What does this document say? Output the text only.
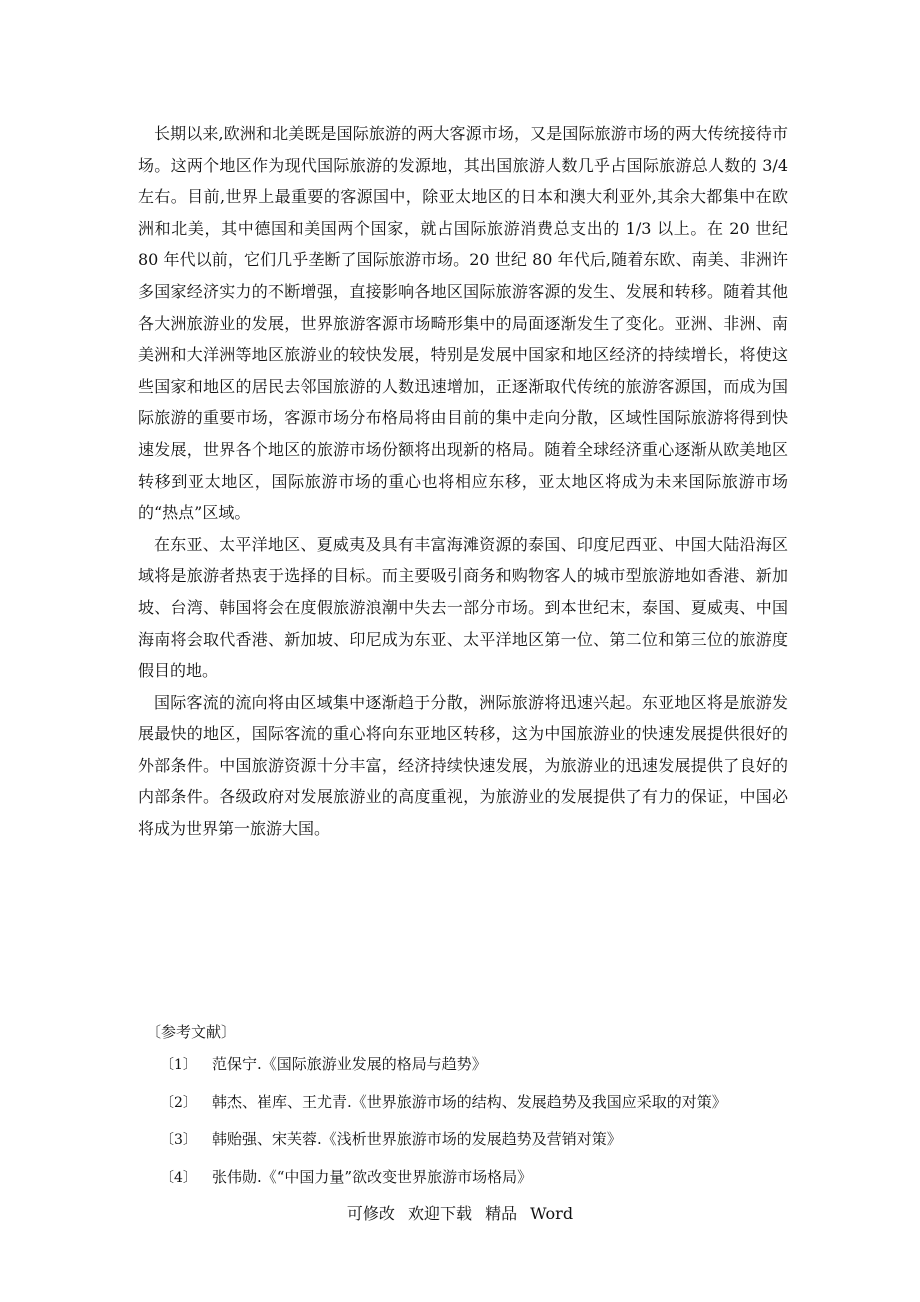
长期以来,欧洲和北美既是国际旅游的两大客源市场，又是国际旅游市场的两大传统接待市场。这两个地区作为现代国际旅游的发源地，其出国旅游人数几乎占国际旅游总人数的 3/4 左右。目前,世界上最重要的客源国中，除亚太地区的日本和澳大利亚外,其余大都集中在欧洲和北美，其中德国和美国两个国家，就占国际旅游消费总支出的 1/3 以上。在 20 世纪 80 年代以前，它们几乎垄断了国际旅游市场。20 世纪 80 年代后,随着东欧、南美、非洲许多国家经济实力的不断增强，直接影响各地区国际旅游客源的发生、发展和转移。随着其他各大洲旅游业的发展，世界旅游客源市场畸形集中的局面逐渐发生了变化。亚洲、非洲、南美洲和大洋洲等地区旅游业的较快发展，特别是发展中国家和地区经济的持续增长，将使这些国家和地区的居民去邻国旅游的人数迅速增加，正逐渐取代传统的旅游客源国，而成为国际旅游的重要市场，客源市场分布格局将由目前的集中走向分散，区域性国际旅游将得到快速发展，世界各个地区的旅游市场份额将出现新的格局。随着全球经济重心逐渐从欧美地区转移到亚太地区，国际旅游市场的重心也将相应东移，亚太地区将成为未来国际旅游市场的“热点”区域。

在东亚、太平洋地区、夏威夷及具有丰富海滩资源的泰国、印度尼西亚、中国大陆沿海区域将是旅游者热衷于选择的目标。而主要吸引商务和购物客人的城市型旅游地如香港、新加坡、台湾、韩国将会在度假旅游浪潮中失去一部分市场。到本世纪末，泰国、夏威夷、中国海南将会取代香港、新加坡、印尼成为东亚、太平洋地区第一位、第二位和第三位的旅游度假目的地。

国际客流的流向将由区域集中逐渐趋于分散，洲际旅游将迅速兴起。东亚地区将是旅游发展最快的地区，国际客流的重心将向东亚地区转移，这为中国旅游业的快速发展提供很好的外部条件。中国旅游资源十分丰富，经济持续快速发展，为旅游业的迅速发展提供了良好的内部条件。各级政府对发展旅游业的高度重视，为旅游业的发展提供了有力的保证，中国必将成为世界第一旅游大国。

〔参考文献〕

〔1〕 范保宁.《国际旅游业发展的格局与趋势》
〔2〕 韩杰、崔库、王尤青.《世界旅游市场的结构、发展趋势及我国应采取的对策》
〔3〕 韩贻强、宋芙蓉.《浅析世界旅游市场的发展趋势及营销对策》
〔4〕 张伟勋.《“中国力量”欲改变世界旅游市场格局》
可修改 欢迎下载 精品 Word
